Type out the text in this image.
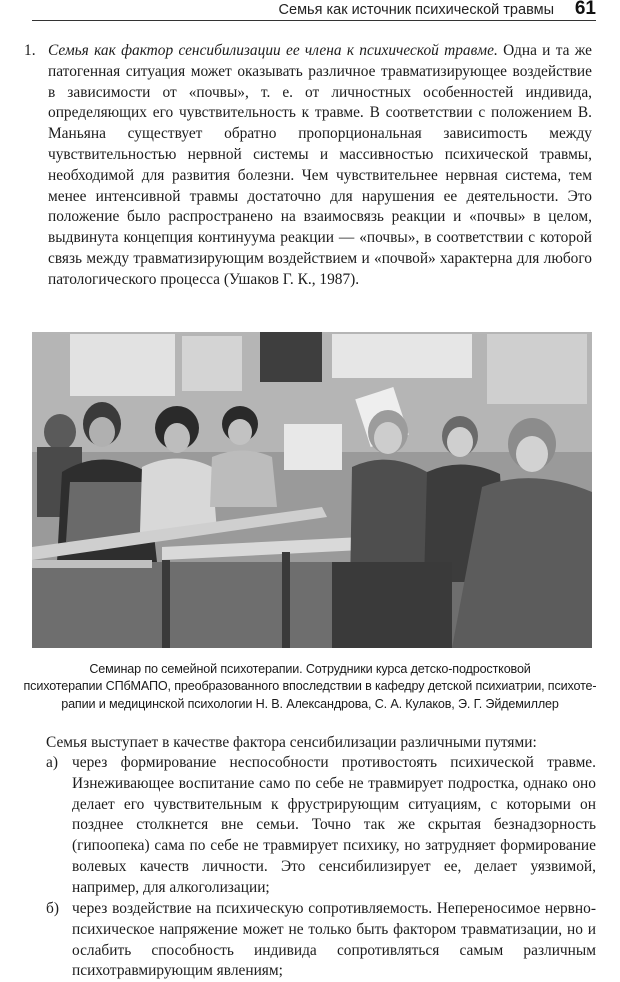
Семья как источник психической травмы 61
1. Семья как фактор сенсибилизации ее члена к психической травме. Одна и та же патогенная ситуация может оказывать различное травматизирующее воздействие в зависимости от «почвы», т. е. от личностных особенностей индивида, определяющих его чувствительность к травме. В соответствии с положением В. Маньяна существует обратно пропорциональная зависиmость между чувствительностью нервной системы и массивностью психической травмы, необходимой для развития болезни. Чем чувствительнее нервная система, тем менее интенсивной травмы достаточно для нарушения ее деятельности. Это положение было распространено на взаимосвязь реакции и «почвы» в целом, выдвинута концепция континуума реакции — «почвы», в соответствии с которой связь между травматизирующим воздействием и «почвой» характерна для любого патологического процесса (Ушаков Г. К., 1987).
Семинар по семейной психотерапии. Сотрудники курса детско-подростковой
психотерапии СПбМАПО, преобразованного впоследствии в кафедру детской психиатрии, психоте-
рапии и медицинской психологии Н. В. Александрова, С. А. Кулаков, Э. Г. Эйдемиллер
Семья выступает в качестве фактора сенсибилизации различными путями:
а) через формирование неспособности противостоять психической травме. Изнеживающее воспитание само по себе не травмирует подростка, однако оно делает его чувствительным к фрустрирующим ситуациям, с которыми он позднее столкнется вне семьи. Точно так же скрытая безнадзорность (гипоопека) сама по себе не травмирует психику, но затрудняет формирование волевых качеств личности. Это сенсибилизирует ее, делает уязвимой, например, для алкоголизации;
б) через воздействие на психическую сопротивляемость. Непереносимое нервно-психическое напряжение может не только быть фактором травматизации, но и ослабить способность индивида сопротивляться самым различным психотравмирующим явлениям;
